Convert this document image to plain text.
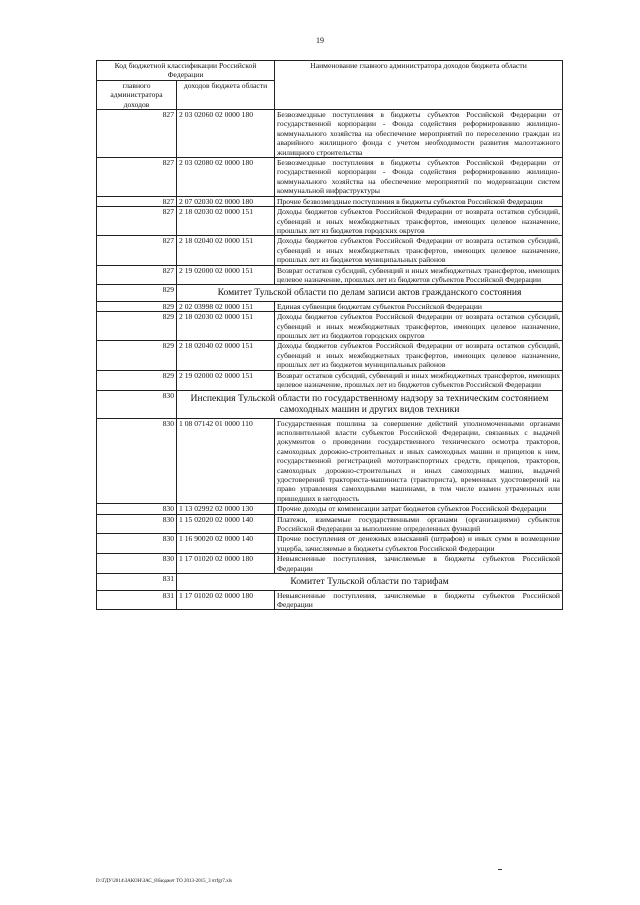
19
Код бюджетной классификации Российской Федерации		Наименование главного администратора доходов бюджета области
главного администратора доходов	доходов бюджета области	
827	2 03 02060 02 0000 180	Безвозмездные поступления в бюджеты субъектов Российской Федерации от государственной корпорации - Фонда содействия реформированию жилищно-коммунального хозяйства на обеспечение мероприятий по переселению граждан из аварийного жилищного фонда с учетом необходимости развития малоэтажного жилищного строительства
827	2 03 02080 02 0000 180	Безвозмездные поступления в бюджеты субъектов Российской Федерации от государственной корпорации - Фонда содействия реформированию жилищно-коммунального хозяйства на обеспечение мероприятий по модернизации систем коммунальной инфраструктуры
827	2 07 02030 02 0000 180	Прочие безвозмездные поступления в бюджеты субъектов Российской Федерации
827	2 18 02030 02 0000 151	Доходы бюджетов субъектов Российской Федерации от возврата остатков субсидий, субвенций и иных межбюджетных трансфертов, имеющих целевое назначение, прошлых лет из бюджетов городских округов
827	2 18 02040 02 0000 151	Доходы бюджетов субъектов Российской Федерации от возврата остатков субсидий, субвенций и иных межбюджетных трансфертов, имеющих целевое назначение, прошлых лет из бюджетов муниципальных районов
827	2 19 02000 02 0000 151	Возврат остатков субсидий, субвенций и иных межбюджетных трансфертов, имеющих целевое назначение, прошлых лет из бюджетов субъектов Российской Федерации
829	Комитет Тульской области по делам записи актов гражданского состояния	
829	2 02 03998 02 0000 151	Единая субвенция бюджетам субъектов Российской Федерации
829	2 18 02030 02 0000 151	Доходы бюджетов субъектов Российской Федерации от возврата остатков субсидий, субвенций и иных межбюджетных трансфертов, имеющих целевое назначение, прошлых лет из бюджетов городских округов
829	2 18 02040 02 0000 151	Доходы бюджетов субъектов Российской Федерации от возврата остатков субсидий, субвенций и иных межбюджетных трансфертов, имеющих целевое назначение, прошлых лет из бюджетов муниципальных районов
829	2 19 02000 02 0000 151	Возврат остатков субсидий, субвенций и иных межбюджетных трансфертов, имеющих целевое назначение, прошлых лет из бюджетов субъектов Российской Федерации
830	Инспекция Тульской области по государственному надзору за техническим состоянием самоходных машин и других видов техники	
830	1 08 07142 01 0000 110	Государственная пошлина за совершение действий уполномоченными органами исполнительной власти субъектов Российской Федерации, связанных с выдачей документов о проведении государственного технического осмотра тракторов, самоходных дорожно-строительных и иных самоходных машин и прицепов к ним, государственной регистрацией мототранспортных средств, прицепов, тракторов, самоходных дорожно-строительных и иных самоходных машин, выдачей удостоверений тракториста-машиниста (тракториста), временных удостоверений на право управления самоходными машинами, в том числе взамен утраченных или пришедших в негодность
830	1 13 02992 02 0000 130	Прочие доходы от компенсации затрат бюджетов субъектов Российской Федерации
830	1 15 02020 02 0000 140	Платежи, взимаемые государственными органами (организациями) субъектов Российской Федерации за выполнение определенных функций
830	1 16 90020 02 0000 140	Прочие поступления от денежных взысканий (штрафов) и иных сумм в возмещение ущерба, зачисляемые в бюджеты субъектов Российской Федерации
830	1 17 01020 02 0000 180	Невыясненные поступления, зачисляемые в бюджеты субъектов Российской Федерации
831	Комитет Тульской области по тарифам	
831	1 17 01020 02 0000 180	Невыясненные поступления, зачисляемые в бюджеты субъектов Российской Федерации
D:\ГДУ\2014\ЗАКОН\ЗАС_8\Бюджет ТО 2013-2015_3 чтfgr7.xls
